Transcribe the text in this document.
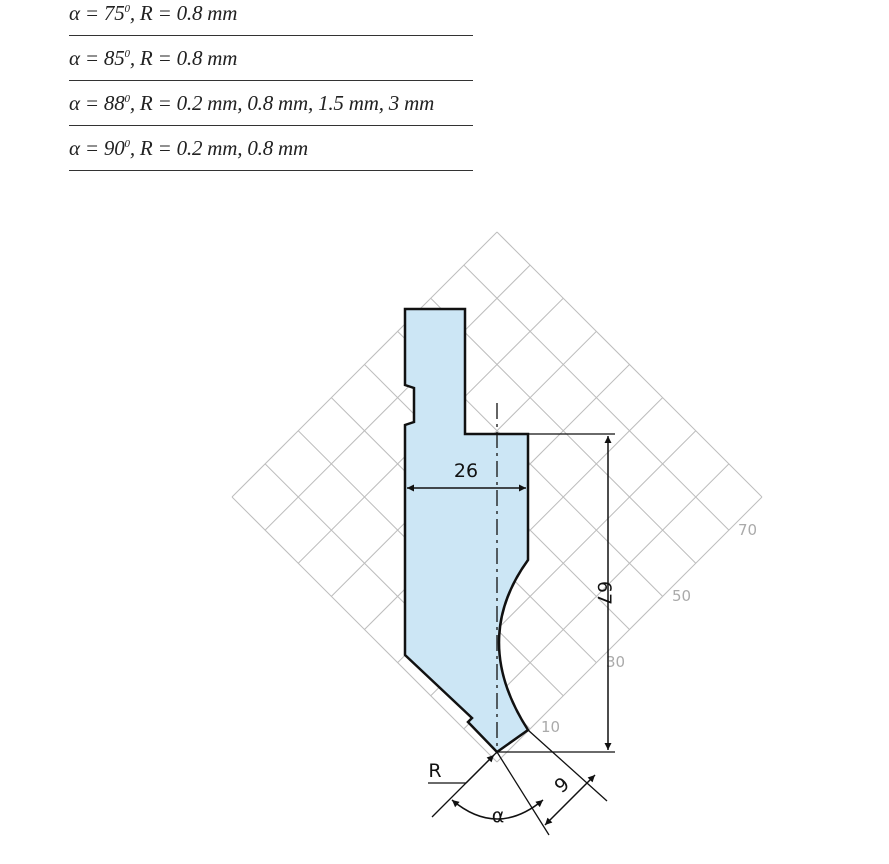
$\alpha = 75^0$, R = 0.8 mm
$\alpha = 85^0$, R = 0.8 mm
$\alpha = 88^0$, R = 0.2 mm, 0.8 mm, 1.5 mm, 3 mm
$\alpha = 90^0$, R = 0.2 mm, 0.8 mm
10
30
50
70
26
67
9
α
R
